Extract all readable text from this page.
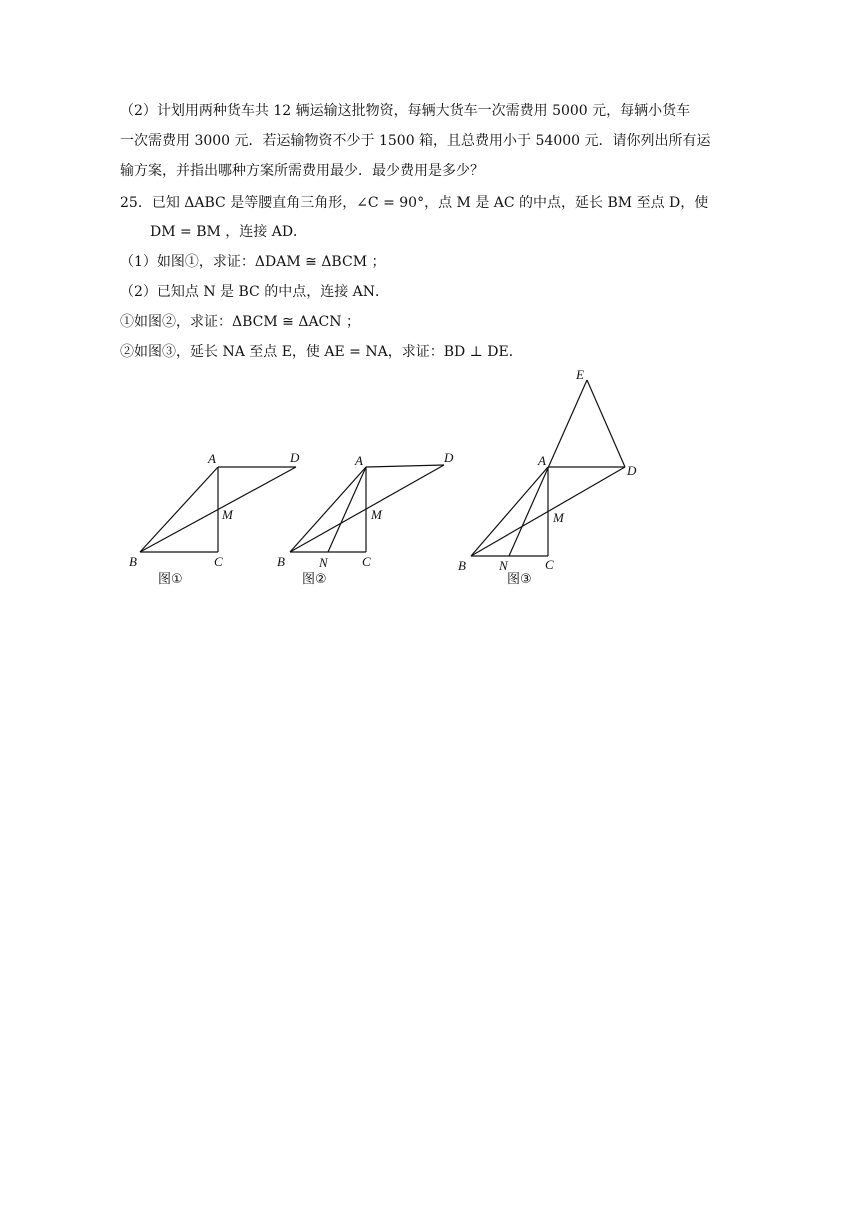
（2）计划用两种货车共 12 辆运输这批物资，每辆大货车一次需费用 5000 元，每辆小货车
一次需费用 3000 元．若运输物资不少于 1500 箱，且总费用小于 54000 元．请你列出所有运
输方案，并指出哪种方案所需费用最少．最少费用是多少？
25．已知 ΔABC 是等腰直角三角形，∠C = 90°，点 M 是 AC 的中点，延长 BM 至点 D，使
DM = BM ，连接 AD．
（1）如图①，求证：ΔDAM ≅ ΔBCM ；
（2）已知点 N 是 BC 的中点，连接 AN．
①如图②，求证：ΔBCM ≅ ΔACN ；
②如图③，延长 NA 至点 E，使 AE = NA，求证：BD ⊥ DE．
A	D
M
B	C
图①
A	D
M
B	N	C
图②
E
A
D
M
B	N	C
图③
